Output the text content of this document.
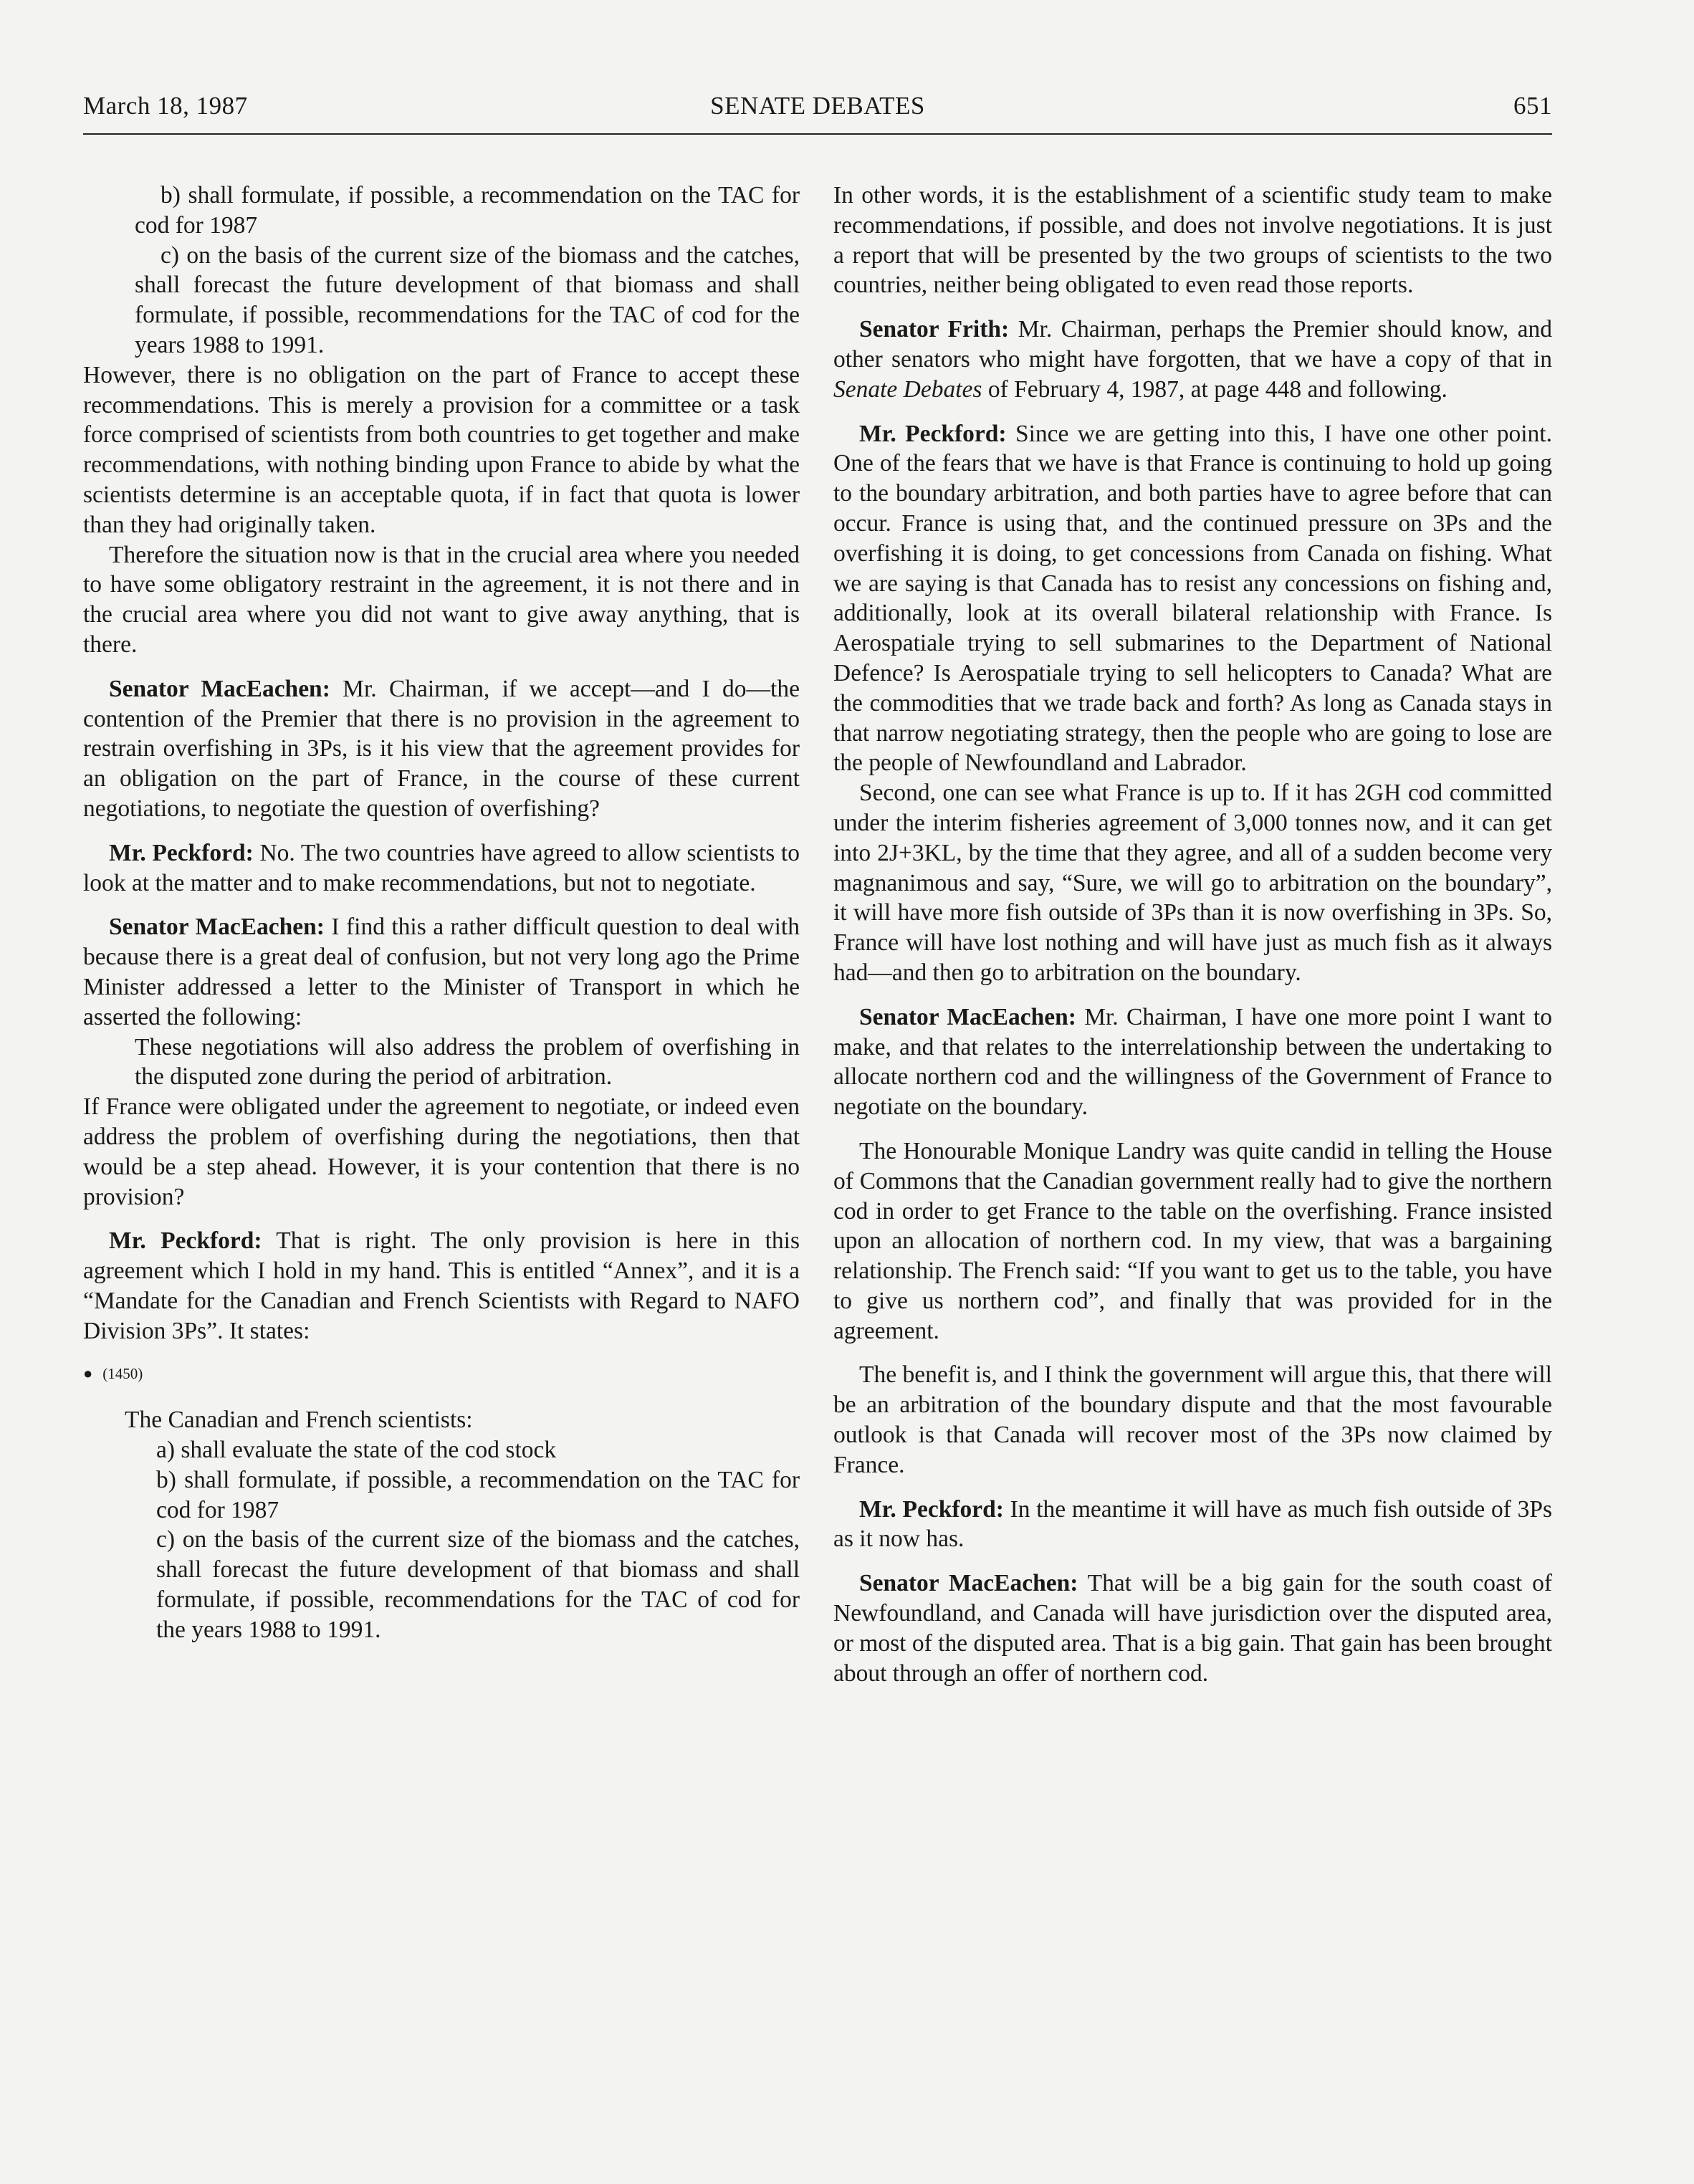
March 18, 1987	SENATE DEBATES	651

b) shall formulate, if possible, a recommendation on the TAC for cod for 1987

c) on the basis of the current size of the biomass and the catches, shall forecast the future development of that biomass and shall formulate, if possible, recommendations for the TAC of cod for the years 1988 to 1991.

However, there is no obligation on the part of France to accept these recommendations. This is merely a provision for a committee or a task force comprised of scientists from both countries to get together and make recommendations, with nothing binding upon France to abide by what the scientists determine is an acceptable quota, if in fact that quota is lower than they had originally taken.

Therefore the situation now is that in the crucial area where you needed to have some obligatory restraint in the agreement, it is not there and in the crucial area where you did not want to give away anything, that is there.

Senator MacEachen: Mr. Chairman, if we accept—and I do—the contention of the Premier that there is no provision in the agreement to restrain overfishing in 3Ps, is it his view that the agreement provides for an obligation on the part of France, in the course of these current negotiations, to negotiate the question of overfishing?

Mr. Peckford: No. The two countries have agreed to allow scientists to look at the matter and to make recommendations, but not to negotiate.

Senator MacEachen: I find this a rather difficult question to deal with because there is a great deal of confusion, but not very long ago the Prime Minister addressed a letter to the Minister of Transport in which he asserted the following:

These negotiations will also address the problem of overfishing in the disputed zone during the period of arbitration.

If France were obligated under the agreement to negotiate, or indeed even address the problem of overfishing during the negotiations, then that would be a step ahead. However, it is your contention that there is no provision?

Mr. Peckford: That is right. The only provision is here in this agreement which I hold in my hand. This is entitled “Annex”, and it is a “Mandate for the Canadian and French Scientists with Regard to NAFO Division 3Ps”. It states:

● (1450)

The Canadian and French scientists:

a) shall evaluate the state of the cod stock

b) shall formulate, if possible, a recommendation on the TAC for cod for 1987

c) on the basis of the current size of the biomass and the catches, shall forecast the future development of that biomass and shall formulate, if possible, recommendations for the TAC of cod for the years 1988 to 1991.

In other words, it is the establishment of a scientific study team to make recommendations, if possible, and does not involve negotiations. It is just a report that will be presented by the two groups of scientists to the two countries, neither being obligated to even read those reports.

Senator Frith: Mr. Chairman, perhaps the Premier should know, and other senators who might have forgotten, that we have a copy of that in Senate Debates of February 4, 1987, at page 448 and following.

Mr. Peckford: Since we are getting into this, I have one other point. One of the fears that we have is that France is continuing to hold up going to the boundary arbitration, and both parties have to agree before that can occur. France is using that, and the continued pressure on 3Ps and the overfishing it is doing, to get concessions from Canada on fishing. What we are saying is that Canada has to resist any concessions on fishing and, additionally, look at its overall bilateral relationship with France. Is Aerospatiale trying to sell submarines to the Department of National Defence? Is Aerospatiale trying to sell helicopters to Canada? What are the commodities that we trade back and forth? As long as Canada stays in that narrow negotiating strategy, then the people who are going to lose are the people of Newfoundland and Labrador.

Second, one can see what France is up to. If it has 2GH cod committed under the interim fisheries agreement of 3,000 tonnes now, and it can get into 2J+3KL, by the time that they agree, and all of a sudden become very magnanimous and say, “Sure, we will go to arbitration on the boundary”, it will have more fish outside of 3Ps than it is now overfishing in 3Ps. So, France will have lost nothing and will have just as much fish as it always had—and then go to arbitration on the boundary.

Senator MacEachen: Mr. Chairman, I have one more point I want to make, and that relates to the interrelationship between the undertaking to allocate northern cod and the willingness of the Government of France to negotiate on the boundary.

The Honourable Monique Landry was quite candid in telling the House of Commons that the Canadian government really had to give the northern cod in order to get France to the table on the overfishing. France insisted upon an allocation of northern cod. In my view, that was a bargaining relationship. The French said: “If you want to get us to the table, you have to give us northern cod”, and finally that was provided for in the agreement.

The benefit is, and I think the government will argue this, that there will be an arbitration of the boundary dispute and that the most favourable outlook is that Canada will recover most of the 3Ps now claimed by France.

Mr. Peckford: In the meantime it will have as much fish outside of 3Ps as it now has.

Senator MacEachen: That will be a big gain for the south coast of Newfoundland, and Canada will have jurisdiction over the disputed area, or most of the disputed area. That is a big gain. That gain has been brought about through an offer of northern cod.
